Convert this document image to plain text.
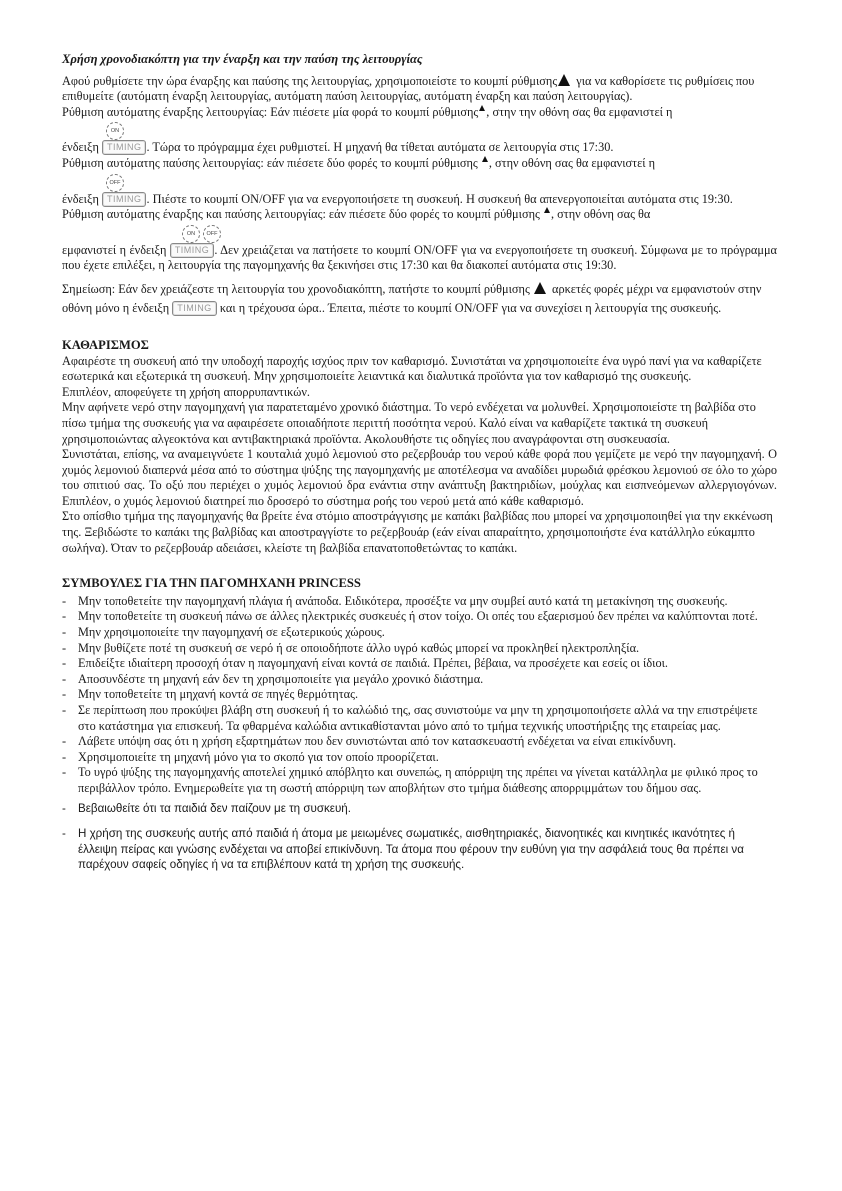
Χρήση χρονοδιακόπτη για την έναρξη και την παύση της λειτουργίας

Αφού ρυθμίσετε την ώρα έναρξης και παύσης της λειτουργίας, χρησιμοποιείστε το κουμπί ρύθμισης για να καθορίσετε τις ρυθμίσεις που επιθυμείτε (αυτόματη έναρξη λειτουργίας, αυτόματη παύση λειτουργίας, αυτόματη έναρξη και παύση λειτουργίας).

Ρύθμιση αυτόματης έναρξης λειτουργίας: Εάν πιέσετε μία φορά το κουμπί ρύθμισης , στην την οθόνη σας θα εμφανιστεί η

ON

ένδειξη TIMING . Τώρα το πρόγραμμα έχει ρυθμιστεί. Η μηχανή θα τίθεται αυτόματα σε λειτουργία στις 17:30.

Ρύθμιση αυτόματης παύσης λειτουργίας: εάν πιέσετε δύο φορές το κουμπί ρύθμισης , στην οθόνη σας θα εμφανιστεί η

OFF

ένδειξη TIMING . Πιέστε το κουμπί ON/OFF για να ενεργοποιήσετε τη συσκευή. Η συσκευή θα απενεργοποιείται αυτόματα στις 19:30.

Ρύθμιση αυτόματης έναρξης και παύσης λειτουργίας: εάν πιέσετε δύο φορές το κουμπί ρύθμισης , στην οθόνη σας θα

ON	OFF

εμφανιστεί η ένδειξη TIMING . Δεν χρειάζεται να πατήσετε το κουμπί ON/OFF για να ενεργοποιήσετε τη συσκευή. Σύμφωνα με το πρόγραμμα που έχετε επιλέξει, η λειτουργία της παγομηχανής θα ξεκινήσει στις 17:30 και θα διακοπεί αυτόματα στις 19:30.

Σημείωση: Εάν δεν χρειάζεστε τη λειτουργία του χρονοδιακόπτη, πατήστε το κουμπί ρύθμισης  αρκετές φορές μέχρι να εμφανιστούν στην οθόνη μόνο η ένδειξη TIMING και η τρέχουσα ώρα.. Έπειτα, πιέστε το κουμπί ON/OFF για να συνεχίσει η λειτουργία της συσκευής.

ΚΑΘΑΡΙΣΜΟΣ

Αφαιρέστε τη συσκευή από την υποδοχή παροχής ισχύος πριν τον καθαρισμό. Συνιστάται να χρησιμοποιείτε ένα υγρό πανί για να καθαρίζετε εσωτερικά και εξωτερικά τη συσκευή. Μην χρησιμοποιείτε λειαντικά και διαλυτικά προϊόντα για τον καθαρισμό της συσκευής.

Επιπλέον, αποφεύγετε τη χρήση απορρυπαντικών.

Μην αφήνετε νερό στην παγομηχανή για παρατεταμένο χρονικό διάστημα. Το νερό ενδέχεται να μολυνθεί. Χρησιμοποιείστε τη βαλβίδα στο πίσω τμήμα της συσκευής για να αφαιρέσετε οποιαδήποτε περιττή ποσότητα νερού. Καλό είναι να καθαρίζετε τακτικά τη συσκευή χρησιμοποιώντας αλγεοκτόνα και αντιβακτηριακά προϊόντα. Ακολουθήστε τις οδηγίες που αναγράφονται στη συσκευασία.

Συνιστάται, επίσης, να αναμειγνύετε 1 κουταλιά χυμό λεμονιού στο ρεζερβουάρ του νερού κάθε φορά που γεμίζετε με νερό την παγομηχανή. Ο χυμός λεμονιού διαπερνά μέσα από το σύστημα ψύξης της παγομηχανής με αποτέλεσμα να αναδίδει μυρωδιά φρέσκου λεμονιού σε όλο το χώρο του σπιτιού σας. Το οξύ που περιέχει ο χυμός λεμονιού δρα ενάντια στην ανάπτυξη βακτηριδίων, μούχλας και εισπνεόμενων αλλεργιογόνων. Επιπλέον, ο χυμός λεμονιού διατηρεί πιο δροσερό το σύστημα ροής του νερού μετά από κάθε καθαρισμό.

Στο οπίσθιο τμήμα της παγομηχανής θα βρείτε ένα στόμιο αποστράγγισης με καπάκι βαλβίδας που μπορεί να χρησιμοποιηθεί για την εκκένωση της. Ξεβιδώστε το καπάκι της βαλβίδας και αποστραγγίστε το ρεζερβουάρ (εάν είναι απαραίτητο, χρησιμοποιήστε ένα κατάλληλο εύκαμπτο σωλήνα). Όταν το ρεζερβουάρ αδειάσει, κλείστε τη βαλβίδα επανατοποθετώντας το καπάκι.

ΣΥΜΒΟΥΛΕΣ ΓΙΑ ΤΗΝ ΠΑΓΟΜΗΧΑΝΗ PRINCESS
- Μην τοποθετείτε την παγομηχανή πλάγια ή ανάποδα. Ειδικότερα, προσέξτε να μην συμβεί αυτό κατά τη μετακίνηση της συσκευής.
- Μην τοποθετείτε τη συσκευή πάνω σε άλλες ηλεκτρικές συσκευές ή στον τοίχο. Οι οπές του εξαερισμού δεν πρέπει να καλύπτονται ποτέ.
- Μην χρησιμοποιείτε την παγομηχανή σε εξωτερικούς χώρους.
- Μην βυθίζετε ποτέ τη συσκευή σε νερό ή σε οποιοδήποτε άλλο υγρό καθώς μπορεί να προκληθεί ηλεκτροπληξία.
- Επιδείξτε ιδιαίτερη προσοχή όταν η παγομηχανή είναι κοντά σε παιδιά. Πρέπει, βέβαια, να προσέχετε και εσείς οι ίδιοι.
- Αποσυνδέστε τη μηχανή εάν δεν τη χρησιμοποιείτε για μεγάλο χρονικό διάστημα.
- Μην τοποθετείτε τη μηχανή κοντά σε πηγές θερμότητας.
- Σε περίπτωση που προκύψει βλάβη στη συσκευή ή το καλώδιό της, σας συνιστούμε να μην τη χρησιμοποιήσετε αλλά να την επιστρέψετε στο κατάστημα για επισκευή. Τα φθαρμένα καλώδια αντικαθίστανται μόνο από το τμήμα τεχνικής υποστήριξης της εταιρείας μας.
- Λάβετε υπόψη σας ότι η χρήση εξαρτημάτων που δεν συνιστώνται από τον κατασκευαστή ενδέχεται να είναι επικίνδυνη.
- Χρησιμοποιείτε τη μηχανή μόνο για το σκοπό για τον οποίο προορίζεται.
- Το υγρό ψύξης της παγομηχανής αποτελεί χημικό απόβλητο και συνεπώς, η απόρριψη της πρέπει να γίνεται κατάλληλα με φιλικό προς το περιβάλλον τρόπο. Ενημερωθείτε για τη σωστή απόρριψη των αποβλήτων στο τμήμα διάθεσης απορριμμάτων του δήμου σας.
- Βεβαιωθείτε ότι τα παιδιά δεν παίζουν με τη συσκευή.
- Η χρήση της συσκευής αυτής από παιδιά ή άτομα με μειωμένες σωματικές, αισθητηριακές, διανοητικές και κινητικές ικανότητες ή έλλειψη πείρας και γνώσης ενδέχεται να αποβεί επικίνδυνη. Τα άτομα που φέρουν την ευθύνη για την ασφάλειά τους θα πρέπει να παρέχουν σαφείς οδηγίες ή να τα επιβλέπουν κατά τη χρήση της συσκευής.
